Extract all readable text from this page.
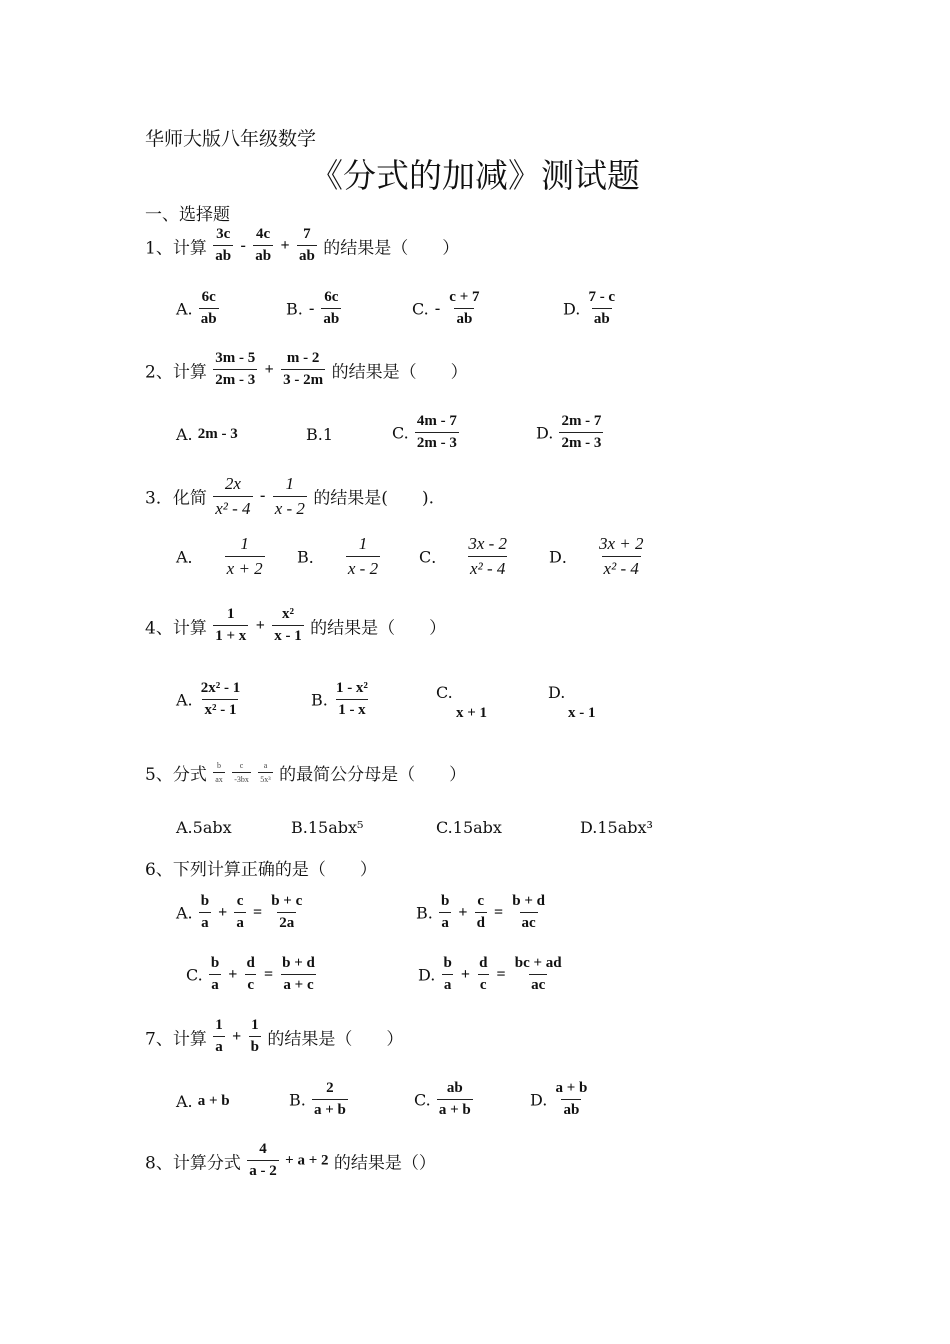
华师大版八年级数学
《分式的加减》测试题
一、选择题
1、计算 $\frac{3c}{ab} - \frac{4c}{ab} + \frac{7}{ab}$ 的结果是（　　）
A. $\frac{6c}{ab}$	B. - $\frac{6c}{ab}$	C. - $\frac{c + 7}{ab}$	D. $\frac{7 - c}{ab}$
2、计算 $\frac{3m - 5}{2m - 3} + \frac{m - 2}{3 - 2m}$ 的结果是（　　）
A. 2m - 3	B.1	C. $\frac{4m - 7}{2m - 3}$	D. $\frac{2m - 7}{2m - 3}$
3．化简 $\frac{2x}{\text{x² - 4}} - \frac{1}{x - 2}$ 的结果是(　　).
A． $\frac{1}{x + 2}$ B． $\frac{1}{x - 2}$ C． $\frac{3x - 2}{\text{x² - 4}}$ D． $\frac{3x + 2}{\text{x² - 4}}$
4、计算 $\frac{1}{1 + x} + \frac{\text{x²}}{x - 1}$ 的结果是（　　）
A. $\frac{\text{2x² - 1}}{\text{x² - 1}}$	B. $\frac{\text{1 - x²}}{1 - x}$	C.
x + 1
D.
x - 1
5、分式 $\frac{b}{ax}$
$\frac{c}{-3bx}$
$\frac{a}{\text{5x³}}$ 的最简公分母是（　　）
A.5abx	B.15abx⁵	C.15abx	D.15abx³
6、下列计算正确的是（　　）
A. $\frac{b}{a} + \frac{c}{a} = \frac{b + c}{2a}$	B. $\frac{b}{a} + \frac{c}{d} = \frac{b + d}{ac}$
C. $\frac{b}{a} + \frac{d}{c} = \frac{b + d}{a + c}$	D. $\frac{b}{a} + \frac{d}{c} = \frac{bc + ad}{ac}$
7、计算 $\frac{1}{a} + \frac{1}{b}$ 的结果是（　　）
A. a + b	B. $\frac{2}{a + b}$	C. $\frac{ab}{a + b}$	D. $\frac{a + b}{ab}$
8、计算分式 $\frac{4}{a - 2} + a + 2$ 的结果是（）
